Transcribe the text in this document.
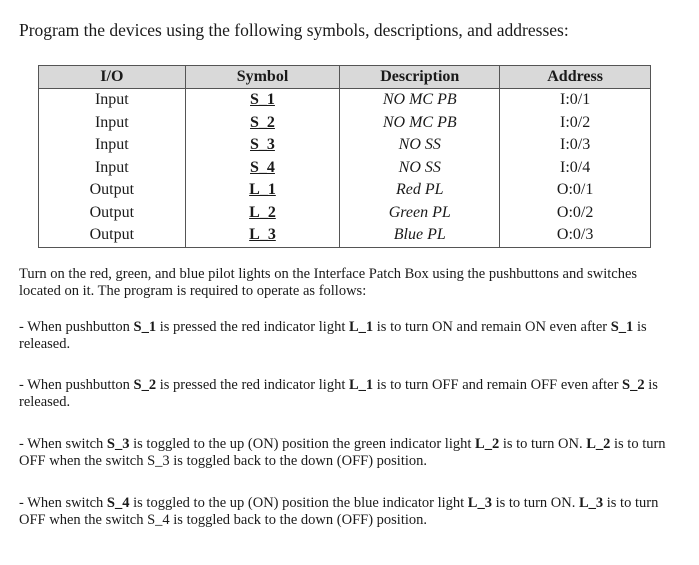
Program the devices using the following symbols, descriptions, and addresses:
I/O	Symbol	Description	Address
Input	S_1	NO MC PB	I:0/1
Input	S_2	NO MC PB	I:0/2
Input	S_3	NO SS	I:0/3
Input	S_4	NO SS	I:0/4
Output	L_1	Red PL	O:0/1
Output	L_2	Green PL	O:0/2
Output	L_3	Blue PL	O:0/3

Turn on the red, green, and blue pilot lights on the Interface Patch Box using the pushbuttons and switches located on it. The program is required to operate as follows:

- When pushbutton S_1 is pressed the red indicator light L_1 is to turn ON and remain ON even after S_1 is released.

- When pushbutton S_2 is pressed the red indicator light L_1 is to turn OFF and remain OFF even after S_2 is released.

- When switch S_3 is toggled to the up (ON) position the green indicator light L_2 is to turn ON. L_2 is to turn OFF when the switch S_3 is toggled back to the down (OFF) position.

- When switch S_4 is toggled to the up (ON) position the blue indicator light L_3 is to turn ON. L_3 is to turn OFF when the switch S_4 is toggled back to the down (OFF) position.
